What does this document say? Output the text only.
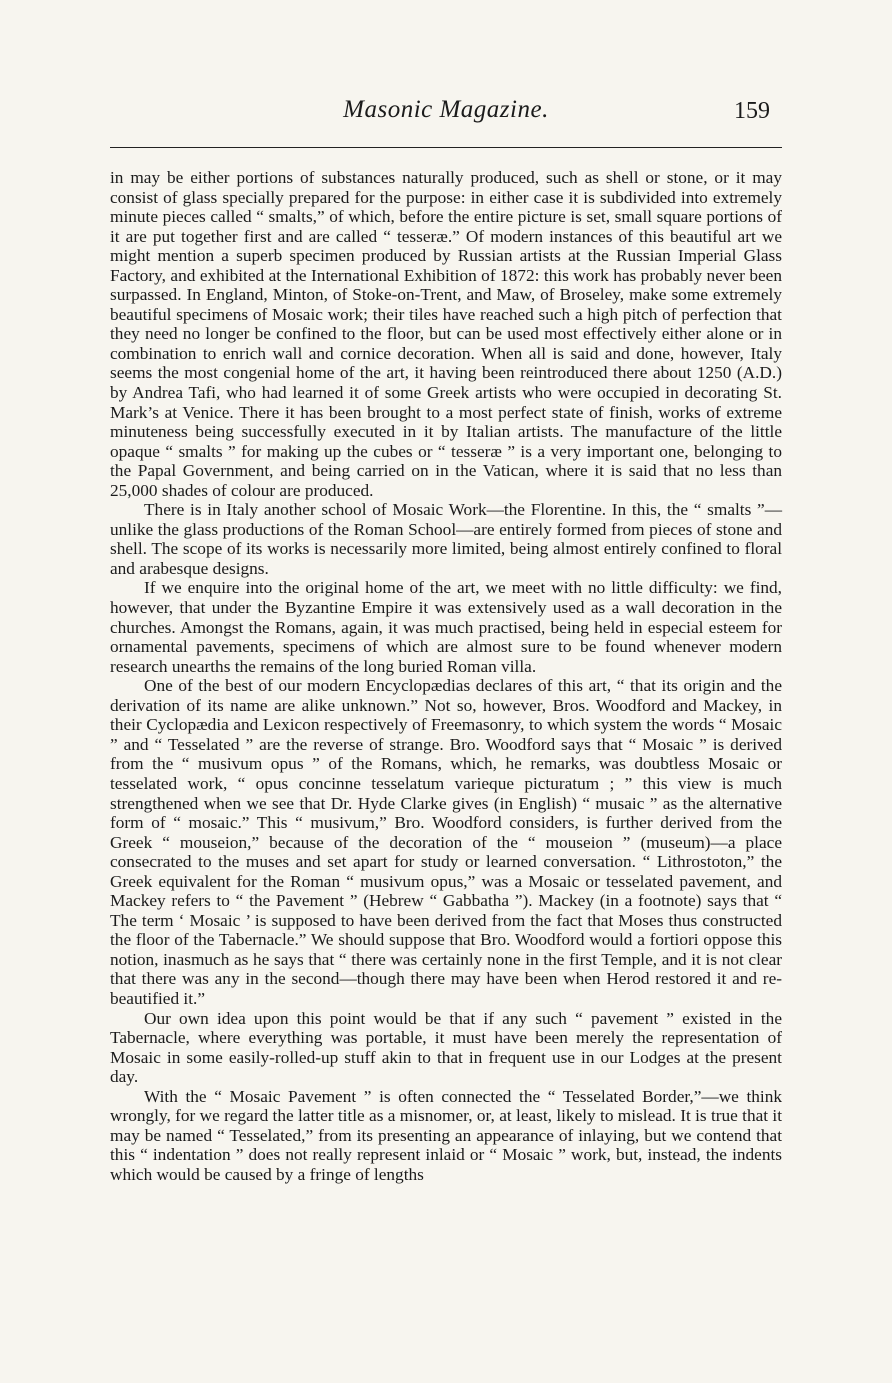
Masonic Magazine.	159

in may be either portions of substances naturally produced, such as shell or stone, or it may consist of glass specially prepared for the purpose: in either case it is subdivided into extremely minute pieces called “ smalts,” of which, before the entire picture is set, small square portions of it are put together first and are called “ tesseræ.” Of modern instances of this beautiful art we might mention a superb specimen produced by Russian artists at the Russian Imperial Glass Factory, and exhibited at the International Exhibition of 1872: this work has probably never been surpassed. In England, Minton, of Stoke-on-Trent, and Maw, of Broseley, make some extremely beautiful specimens of Mosaic work; their tiles have reached such a high pitch of perfection that they need no longer be confined to the floor, but can be used most effectively either alone or in combination to enrich wall and cornice decoration. When all is said and done, however, Italy seems the most congenial home of the art, it having been reintroduced there about 1250 (A.D.) by Andrea Tafi, who had learned it of some Greek artists who were occupied in decorating St. Mark’s at Venice. There it has been brought to a most perfect state of finish, works of extreme minuteness being successfully executed in it by Italian artists. The manufacture of the little opaque “ smalts ” for making up the cubes or “ tesseræ ” is a very important one, belonging to the Papal Government, and being carried on in the Vatican, where it is said that no less than 25,000 shades of colour are produced.

There is in Italy another school of Mosaic Work—the Florentine. In this, the “ smalts ”—unlike the glass productions of the Roman School—are entirely formed from pieces of stone and shell. The scope of its works is necessarily more limited, being almost entirely confined to floral and arabesque designs.

If we enquire into the original home of the art, we meet with no little difficulty: we find, however, that under the Byzantine Empire it was extensively used as a wall decoration in the churches. Amongst the Romans, again, it was much practised, being held in especial esteem for ornamental pavements, specimens of which are almost sure to be found whenever modern research unearths the remains of the long buried Roman villa.

One of the best of our modern Encyclopædias declares of this art, “ that its origin and the derivation of its name are alike unknown.” Not so, however, Bros. Woodford and Mackey, in their Cyclopædia and Lexicon respectively of Freemasonry, to which system the words “ Mosaic ” and “ Tesselated ” are the reverse of strange. Bro. Woodford says that “ Mosaic ” is derived from the “ musivum opus ” of the Romans, which, he remarks, was doubtless Mosaic or tesselated work, “ opus concinne tesselatum varieque picturatum ; ” this view is much strengthened when we see that Dr. Hyde Clarke gives (in English) “ musaic ” as the alternative form of “ mosaic.” This “ musivum,” Bro. Woodford considers, is further derived from the Greek “ mouseion,” because of the decoration of the “ mouseion ” (museum)—a place consecrated to the muses and set apart for study or learned conversation. “ Lithrostoton,” the Greek equivalent for the Roman “ musivum opus,” was a Mosaic or tesselated pavement, and Mackey refers to “ the Pavement ” (Hebrew “ Gabbatha ”). Mackey (in a footnote) says that “ The term ‘ Mosaic ’ is supposed to have been derived from the fact that Moses thus constructed the floor of the Tabernacle.” We should suppose that Bro. Woodford would a fortiori oppose this notion, inasmuch as he says that “ there was certainly none in the first Temple, and it is not clear that there was any in the second—though there may have been when Herod restored it and re-beautified it.”

Our own idea upon this point would be that if any such “ pavement ” existed in the Tabernacle, where everything was portable, it must have been merely the representation of Mosaic in some easily-rolled-up stuff akin to that in frequent use in our Lodges at the present day.

With the “ Mosaic Pavement ” is often connected the “ Tesselated Border,”—we think wrongly, for we regard the latter title as a misnomer, or, at least, likely to mislead. It is true that it may be named “ Tesselated,” from its presenting an appearance of inlaying, but we contend that this “ indentation ” does not really represent inlaid or “ Mosaic ” work, but, instead, the indents which would be caused by a fringe of lengths
